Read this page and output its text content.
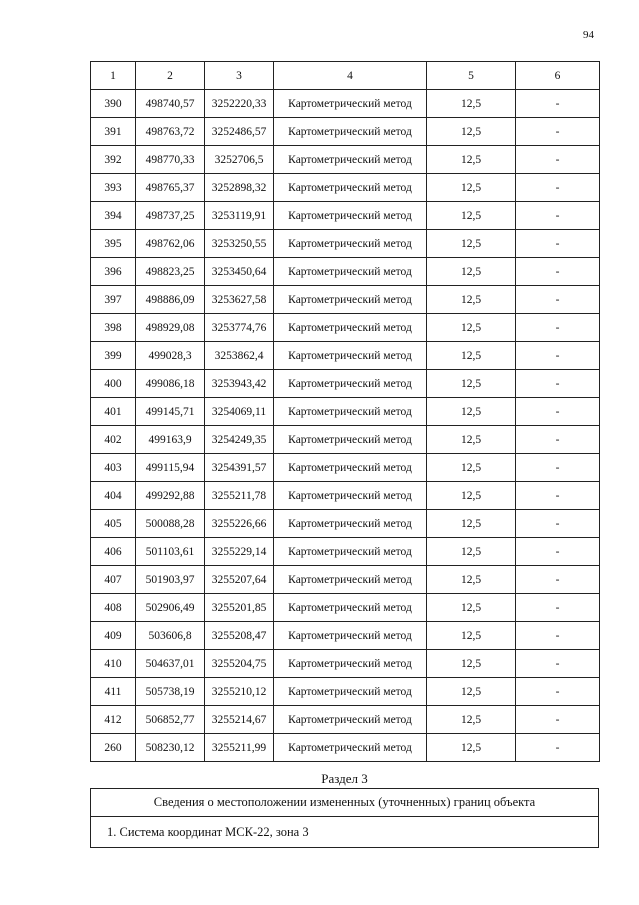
94
1	2	3	4	5	6
390	498740,57	3252220,33	Картометрический метод	12,5	-
391	498763,72	3252486,57	Картометрический метод	12,5	-
392	498770,33	3252706,5	Картометрический метод	12,5	-
393	498765,37	3252898,32	Картометрический метод	12,5	-
394	498737,25	3253119,91	Картометрический метод	12,5	-
395	498762,06	3253250,55	Картометрический метод	12,5	-
396	498823,25	3253450,64	Картометрический метод	12,5	-
397	498886,09	3253627,58	Картометрический метод	12,5	-
398	498929,08	3253774,76	Картометрический метод	12,5	-
399	499028,3	3253862,4	Картометрический метод	12,5	-
400	499086,18	3253943,42	Картометрический метод	12,5	-
401	499145,71	3254069,11	Картометрический метод	12,5	-
402	499163,9	3254249,35	Картометрический метод	12,5	-
403	499115,94	3254391,57	Картометрический метод	12,5	-
404	499292,88	3255211,78	Картометрический метод	12,5	-
405	500088,28	3255226,66	Картометрический метод	12,5	-
406	501103,61	3255229,14	Картометрический метод	12,5	-
407	501903,97	3255207,64	Картометрический метод	12,5	-
408	502906,49	3255201,85	Картометрический метод	12,5	-
409	503606,8	3255208,47	Картометрический метод	12,5	-
410	504637,01	3255204,75	Картометрический метод	12,5	-
411	505738,19	3255210,12	Картометрический метод	12,5	-
412	506852,77	3255214,67	Картометрический метод	12,5	-
260	508230,12	3255211,99	Картометрический метод	12,5	-
Раздел 3
Сведения о местоположении измененных (уточненных) границ объекта
1. Система координат МСК-22, зона 3
